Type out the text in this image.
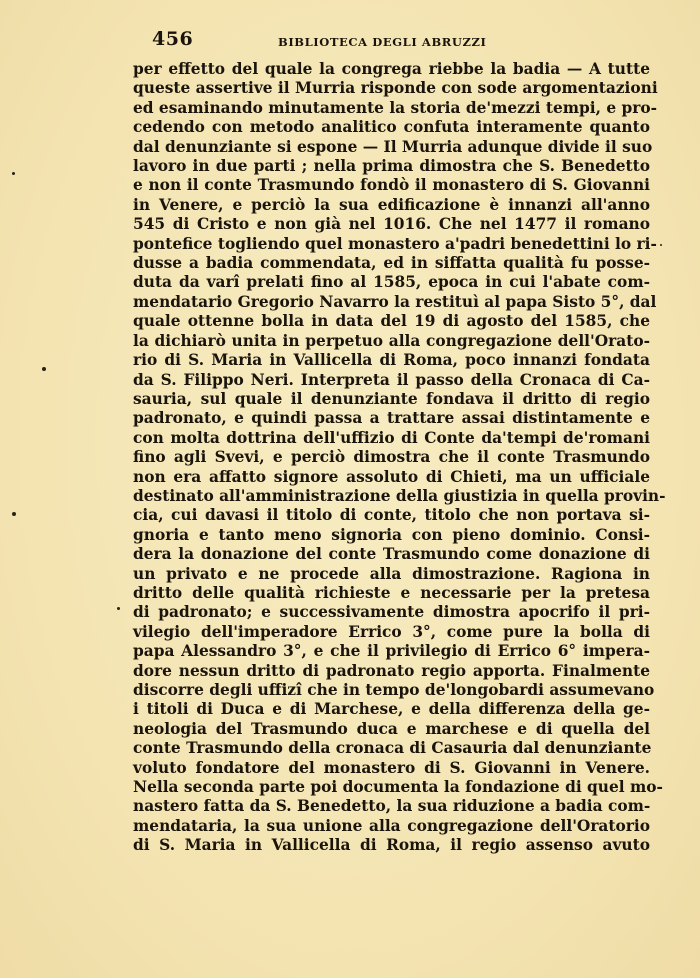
456	BIBLIOTECA DEGLI ABRUZZI
per effetto del quale la congrega riebbe la badia — A tutte
queste assertive il Murria risponde con sode argomentazioni
ed esaminando minutamente la storia de'mezzi tempi, e pro-
cedendo con metodo analitico confuta interamente quanto
dal denunziante si espone — Il Murria adunque divide il suo
lavoro in due parti ; nella prima dimostra che S. Benedetto
e non il conte Trasmundo fondò il monastero di S. Giovanni
in Venere, e perciò la sua edificazione è innanzi all'anno
545 di Cristo e non già nel 1016. Che nel 1477 il romano
pontefice togliendo quel monastero a'padri benedettini lo ri-
dusse a badia commendata, ed in siffatta qualità fu posse-
duta da varî prelati fino al 1585, epoca in cui l'abate com-
mendatario Gregorio Navarro la restituì al papa Sisto 5°, dal
quale ottenne bolla in data del 19 di agosto del 1585, che
la dichiarò unita in perpetuo alla congregazione dell'Orato-
rio di S. Maria in Vallicella di Roma, poco innanzi fondata
da S. Filippo Neri. Interpreta il passo della Cronaca di Ca-
sauria, sul quale il denunziante fondava il dritto di regio
padronato, e quindi passa a trattare assai distintamente e
con molta dottrina dell'uffizio di Conte da'tempi de'romani
fino agli Svevi, e perciò dimostra che il conte Trasmundo
non era affatto signore assoluto di Chieti, ma un ufficiale
destinato all'amministrazione della giustizia in quella provin-
cia, cui davasi il titolo di conte, titolo che non portava si-
gnoria e tanto meno signoria con pieno dominio. Consi-
dera la donazione del conte Trasmundo come donazione di
un privato e ne procede alla dimostrazione. Ragiona in
dritto delle qualità richieste e necessarie per la pretesa
di padronato; e successivamente dimostra apocrifo il pri-
vilegio dell'imperadore Errico 3°, come pure la bolla di
papa Alessandro 3°, e che il privilegio di Errico 6° impera-
dore nessun dritto di padronato regio apporta. Finalmente
discorre degli uffizî che in tempo de'longobardi assumevano
i titoli di Duca e di Marchese, e della differenza della ge-
neologia del Trasmundo duca e marchese e di quella del
conte Trasmundo della cronaca di Casauria dal denunziante
voluto fondatore del monastero di S. Giovanni in Venere.
Nella seconda parte poi documenta la fondazione di quel mo-
nastero fatta da S. Benedetto, la sua riduzione a badia com-
mendataria, la sua unione alla congregazione dell'Oratorio
di S. Maria in Vallicella di Roma, il regio assenso avuto
